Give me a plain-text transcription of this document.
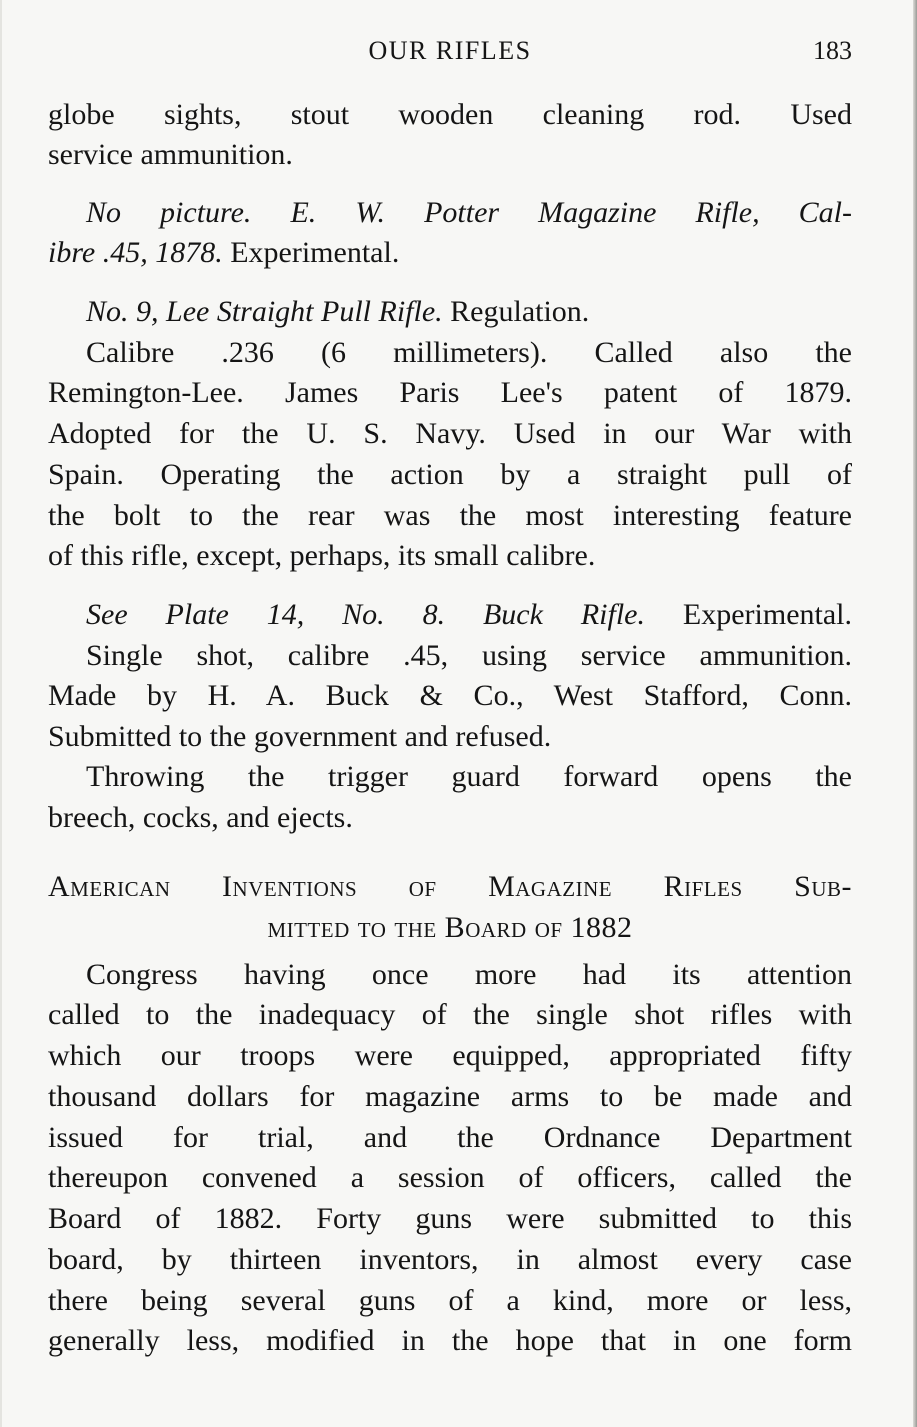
OUR RIFLES	183
globe sights, stout wooden cleaning rod. Used
service ammunition.
No picture. E. W. Potter Magazine Rifle, Cal-
ibre .45, 1878. Experimental.
No. 9, Lee Straight Pull Rifle. Regulation.
Calibre .236 (6 millimeters). Called also the
Remington-Lee. James Paris Lee's patent of 1879.
Adopted for the U. S. Navy. Used in our War with
Spain. Operating the action by a straight pull of
the bolt to the rear was the most interesting feature
of this rifle, except, perhaps, its small calibre.
See Plate 14, No. 8. Buck Rifle. Experimental.
Single shot, calibre .45, using service ammunition.
Made by H. A. Buck & Co., West Stafford, Conn.
Submitted to the government and refused.
Throwing the trigger guard forward opens the
breech, cocks, and ejects.
American Inventions of Magazine Rifles Sub-
mitted to the Board of 1882
Congress having once more had its attention
called to the inadequacy of the single shot rifles with
which our troops were equipped, appropriated fifty
thousand dollars for magazine arms to be made and
issued for trial, and the Ordnance Department
thereupon convened a session of officers, called the
Board of 1882. Forty guns were submitted to this
board, by thirteen inventors, in almost every case
there being several guns of a kind, more or less,
generally less, modified in the hope that in one form
